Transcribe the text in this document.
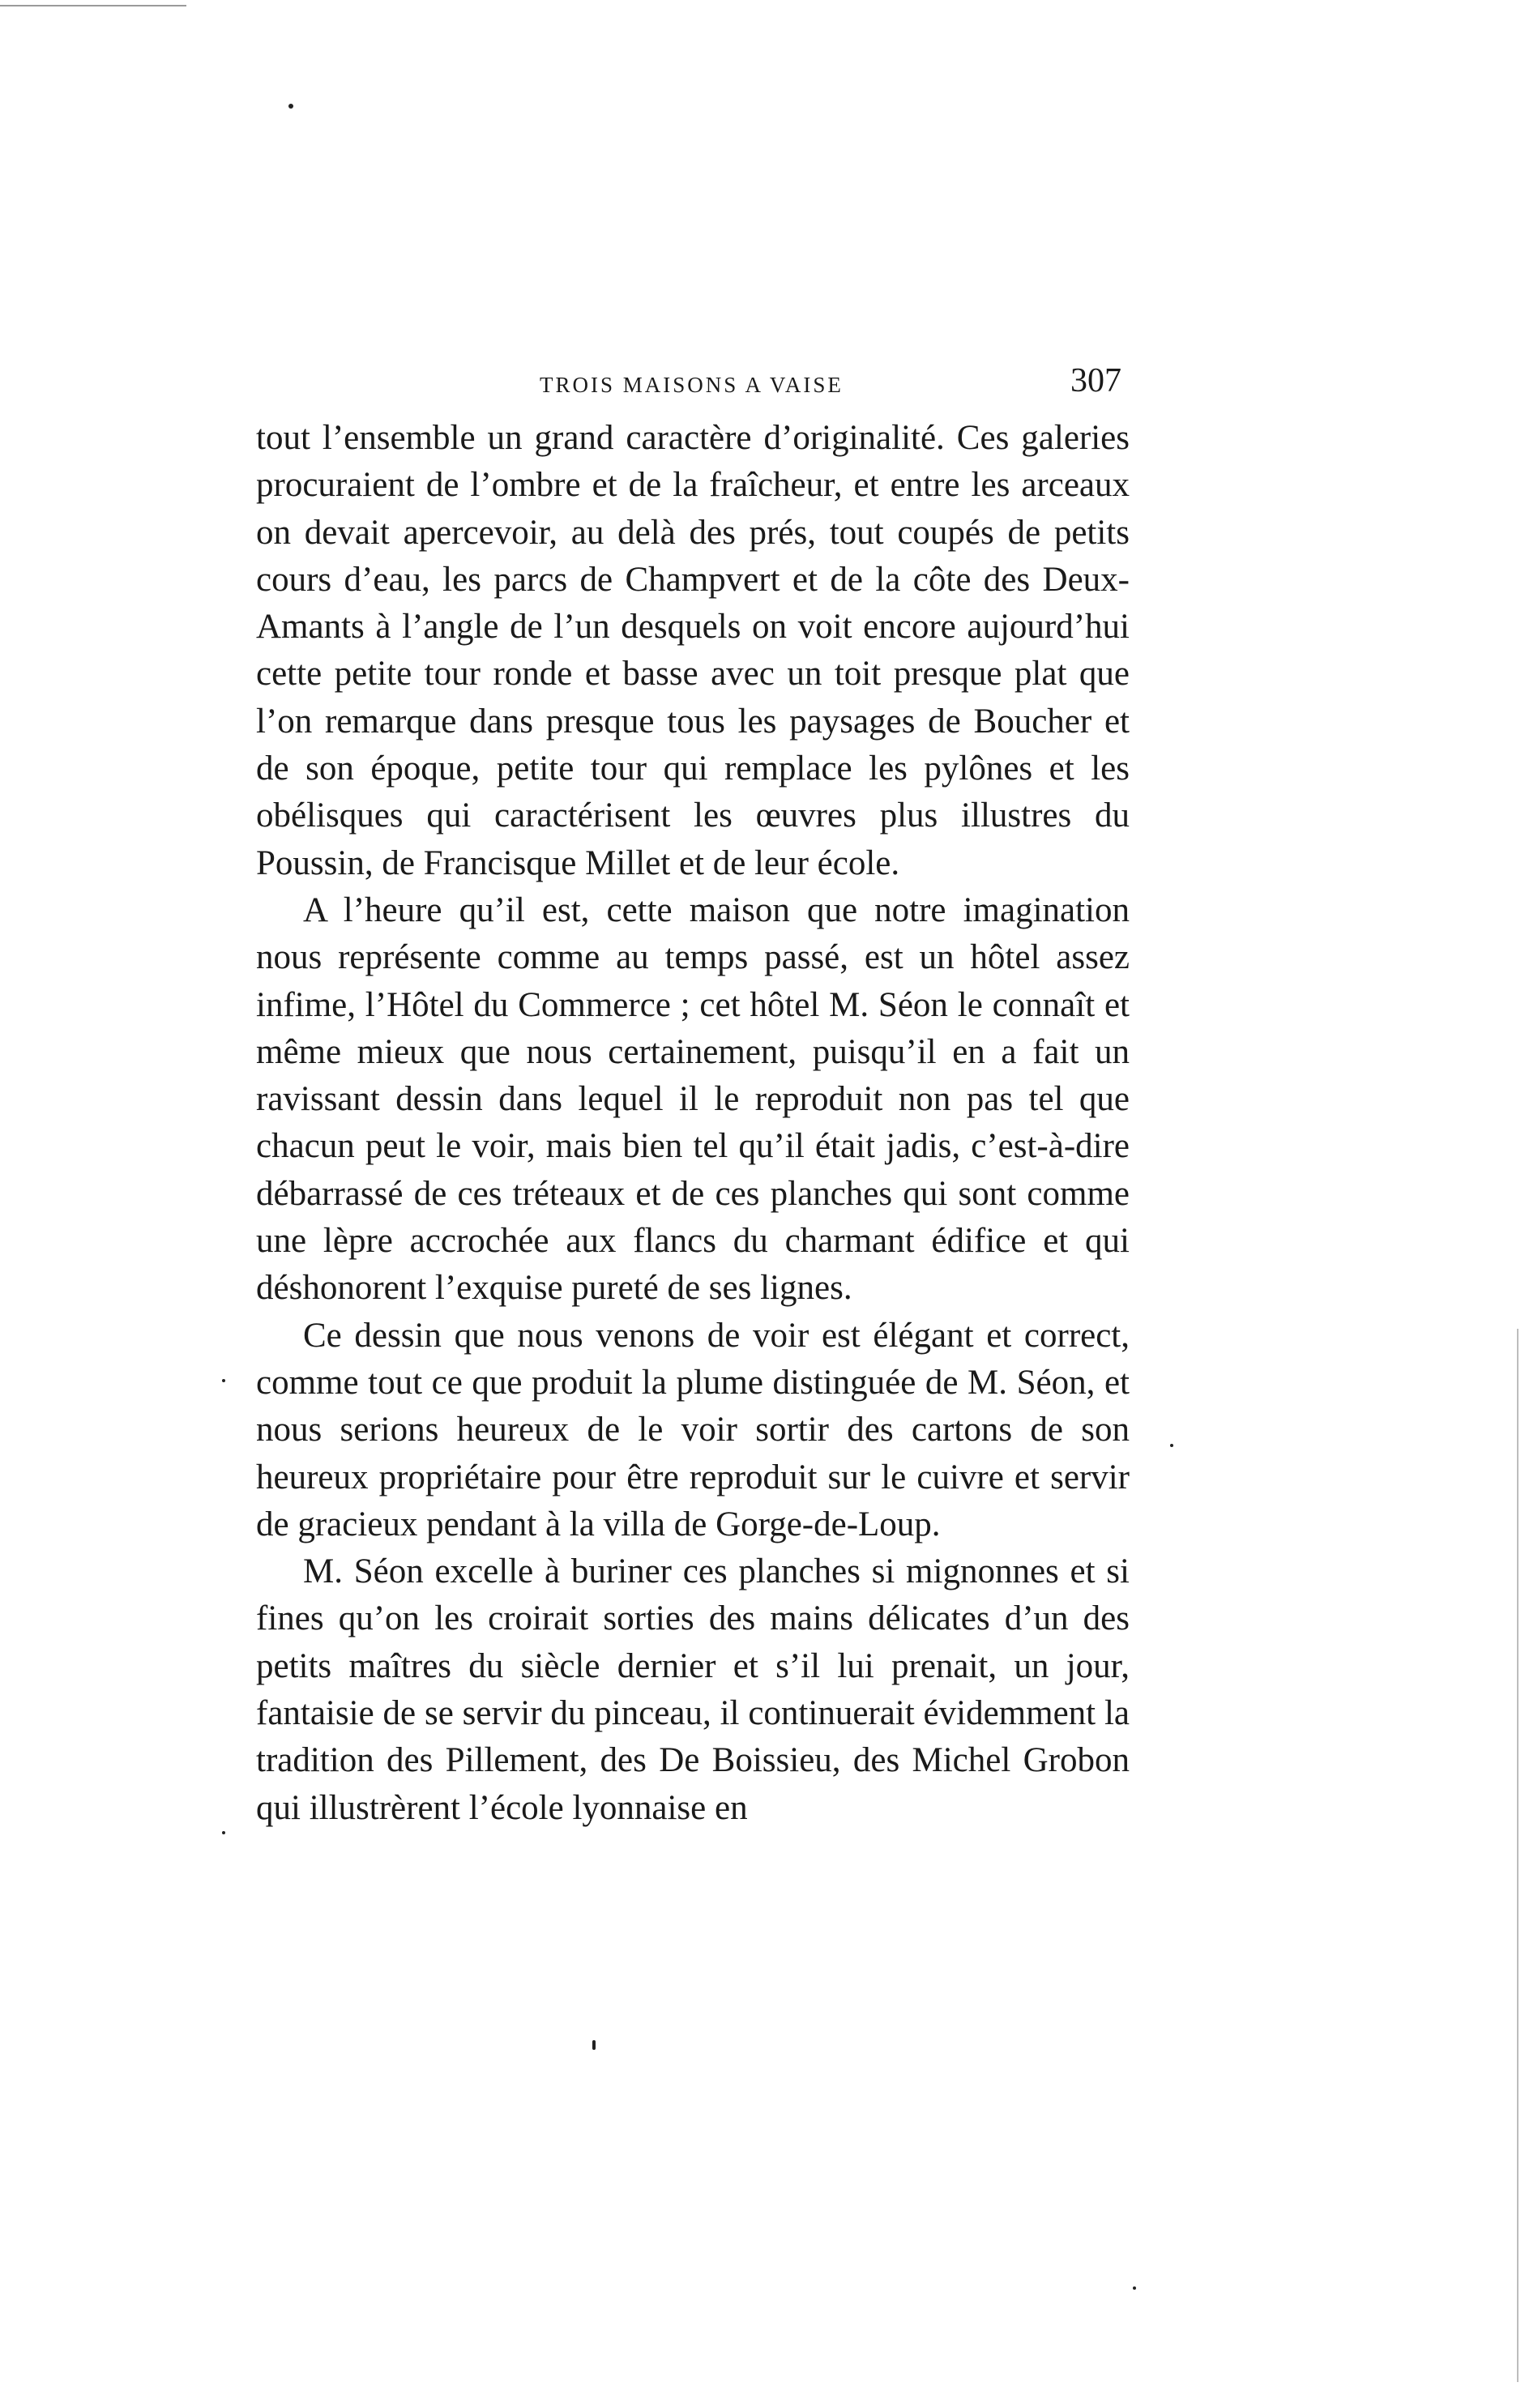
TROIS MAISONS A VAISE	307

tout l’ensemble un grand caractère d’originalité. Ces galeries procuraient de l’ombre et de la fraîcheur, et entre les arceaux on devait apercevoir, au delà des prés, tout coupés de petits cours d’eau, les parcs de Champvert et de la côte des Deux-Amants à l’angle de l’un desquels on voit encore aujourd’hui cette petite tour ronde et basse avec un toit presque plat que l’on remarque dans presque tous les paysages de Boucher et de son époque, petite tour qui remplace les pylônes et les obélisques qui caractérisent les œuvres plus illustres du Poussin, de Francisque Millet et de leur école.

A l’heure qu’il est, cette maison que notre imagination nous représente comme au temps passé, est un hôtel assez infime, l’Hôtel du Commerce ; cet hôtel M. Séon le connaît et même mieux que nous certainement, puisqu’il en a fait un ravissant dessin dans lequel il le reproduit non pas tel que chacun peut le voir, mais bien tel qu’il était jadis, c’est-à-dire débarrassé de ces tréteaux et de ces planches qui sont comme une lèpre accrochée aux flancs du charmant édifice et qui déshonorent l’exquise pureté de ses lignes.

Ce dessin que nous venons de voir est élégant et correct, comme tout ce que produit la plume distinguée de M. Séon, et nous serions heureux de le voir sortir des cartons de son heureux propriétaire pour être reproduit sur le cuivre et servir de gracieux pendant à la villa de Gorge-de-Loup.

M. Séon excelle à buriner ces planches si mignonnes et si fines qu’on les croirait sorties des mains délicates d’un des petits maîtres du siècle dernier et s’il lui prenait, un jour, fantaisie de se servir du pinceau, il continuerait évidemment la tradition des Pillement, des De Boissieu, des Michel Grobon qui illustrèrent l’école lyonnaise en
